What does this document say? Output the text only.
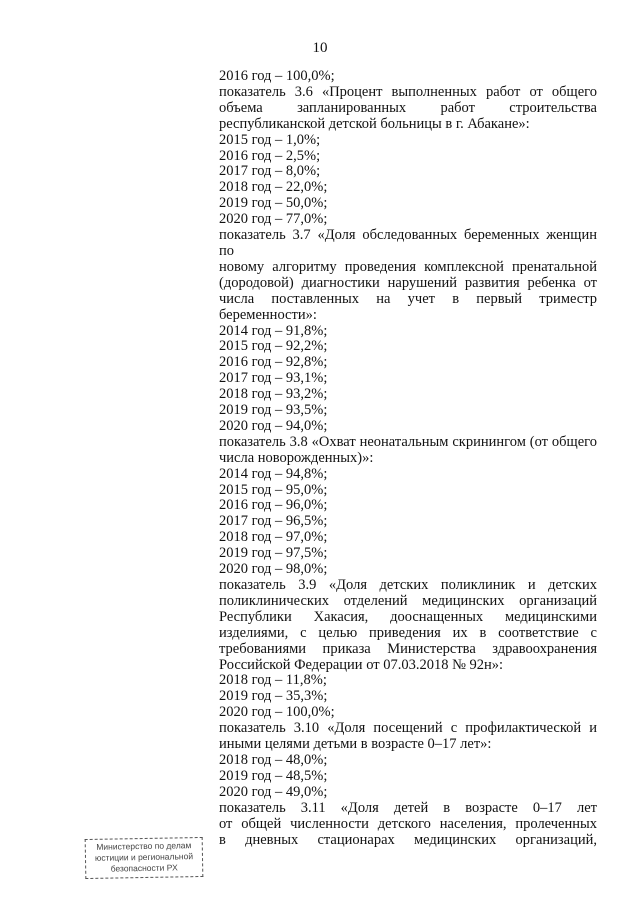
10
2016 год – 100,0%;
показатель 3.6 «Процент выполненных работ от общего
объема запланированных работ строительства
республиканской детской больницы в г. Абакане»:
2015 год – 1,0%;
2016 год – 2,5%;
2017 год – 8,0%;
2018 год – 22,0%;
2019 год – 50,0%;
2020 год – 77,0%;
показатель 3.7 «Доля обследованных беременных женщин по
новому алгоритму проведения комплексной пренатальной
(дородовой) диагностики нарушений развития ребенка от
числа поставленных на учет в первый триместр
беременности»:
2014 год – 91,8%;
2015 год – 92,2%;
2016 год – 92,8%;
2017 год – 93,1%;
2018 год – 93,2%;
2019 год – 93,5%;
2020 год – 94,0%;
показатель 3.8 «Охват неонатальным скринингом (от общего
числа новорожденных)»:
2014 год – 94,8%;
2015 год – 95,0%;
2016 год – 96,0%;
2017 год – 96,5%;
2018 год – 97,0%;
2019 год – 97,5%;
2020 год – 98,0%;
показатель 3.9 «Доля детских поликлиник и детских
поликлинических отделений медицинских организаций
Республики Хакасия, дооснащенных медицинскими
изделиями, с целью приведения их в соответствие с
требованиями приказа Министерства здравоохранения
Российской Федерации от 07.03.2018 № 92н»:
2018 год – 11,8%;
2019 год – 35,3%;
2020 год – 100,0%;
показатель 3.10 «Доля посещений с профилактической и
иными целями детьми в возрасте 0–17 лет»:
2018 год – 48,0%;
2019 год – 48,5%;
2020 год – 49,0%;
показатель 3.11 «Доля детей в возрасте 0–17 лет
от общей численности детского населения, пролеченных
в дневных стационарах медицинских организаций,
Министерство по делам
юстиции и региональной
безопасности РХ
